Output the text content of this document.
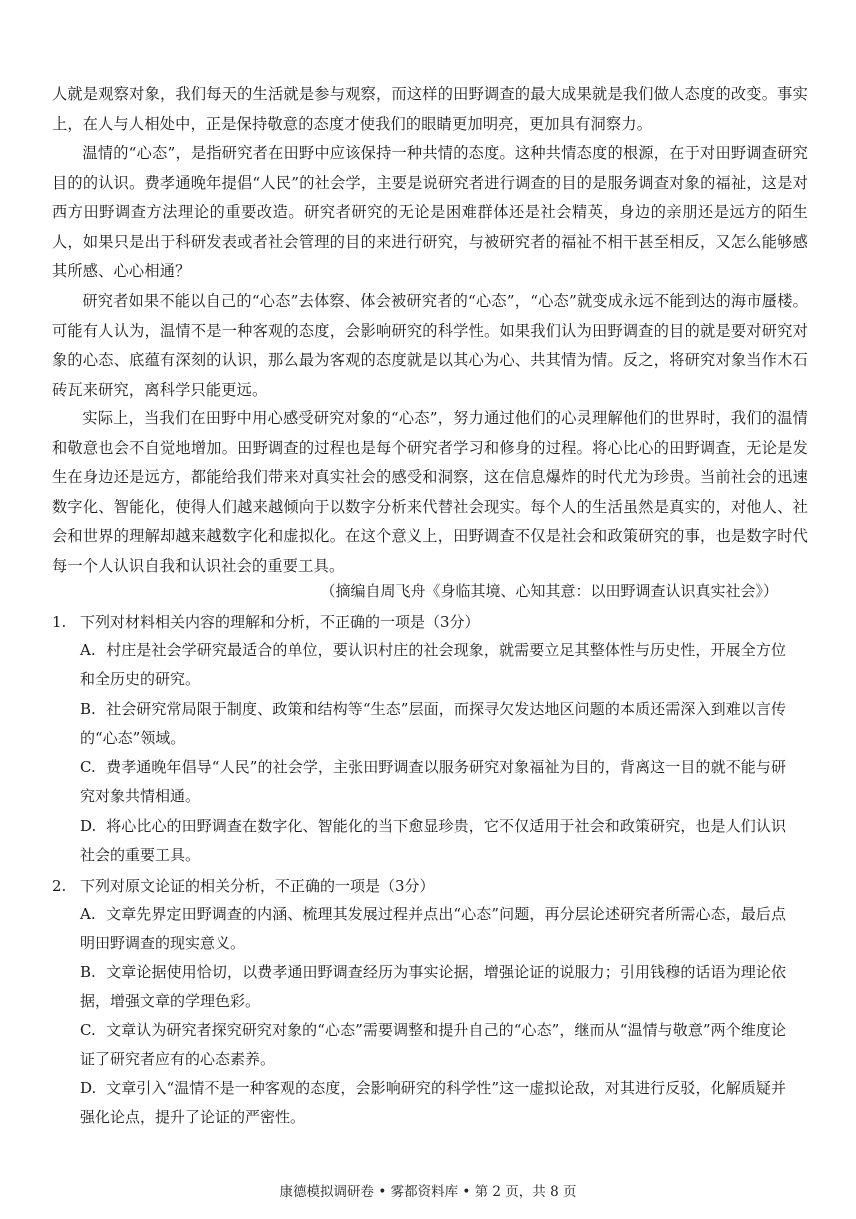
人就是观察对象，我们每天的生活就是参与观察，而这样的田野调查的最大成果就是我们做人态度的改变。事实上，在人与人相处中，正是保持敬意的态度才使我们的眼睛更加明亮，更加具有洞察力。
温情的“心态”，是指研究者在田野中应该保持一种共情的态度。这种共情态度的根源，在于对田野调查研究目的的认识。费孝通晚年提倡“人民”的社会学，主要是说研究者进行调查的目的是服务调查对象的福祉，这是对西方田野调查方法理论的重要改造。研究者研究的无论是困难群体还是社会精英，身边的亲朋还是远方的陌生人，如果只是出于科研发表或者社会管理的目的来进行研究，与被研究者的福祉不相干甚至相反，又怎么能够感其所感、心心相通？
研究者如果不能以自己的“心态”去体察、体会被研究者的“心态”，“心态”就变成永远不能到达的海市蜃楼。可能有人认为，温情不是一种客观的态度，会影响研究的科学性。如果我们认为田野调查的目的就是要对研究对象的心态、底蕴有深刻的认识，那么最为客观的态度就是以其心为心、共其情为情。反之，将研究对象当作木石砖瓦来研究，离科学只能更远。
实际上，当我们在田野中用心感受研究对象的“心态”，努力通过他们的心灵理解他们的世界时，我们的温情和敬意也会不自觉地增加。田野调查的过程也是每个研究者学习和修身的过程。将心比心的田野调查，无论是发生在身边还是远方，都能给我们带来对真实社会的感受和洞察，这在信息爆炸的时代尤为珍贵。当前社会的迅速数字化、智能化，使得人们越来越倾向于以数字分析来代替社会现实。每个人的生活虽然是真实的，对他人、社会和世界的理解却越来越数字化和虚拟化。在这个意义上，田野调查不仅是社会和政策研究的事，也是数字时代每一个人认识自我和认识社会的重要工具。
（摘编自周飞舟《身临其境、心知其意：以田野调查认识真实社会》）
1. 下列对材料相关内容的理解和分析，不正确的一项是（3分）
A. 村庄是社会学研究最适合的单位，要认识村庄的社会现象，就需要立足其整体性与历史性，开展全方位和全历史的研究。
B. 社会研究常局限于制度、政策和结构等“生态”层面，而探寻欠发达地区问题的本质还需深入到难以言传的“心态”领域。
C. 费孝通晚年倡导“人民”的社会学，主张田野调查以服务研究对象福祉为目的，背离这一目的就不能与研究对象共情相通。
D. 将心比心的田野调查在数字化、智能化的当下愈显珍贵，它不仅适用于社会和政策研究，也是人们认识社会的重要工具。
2. 下列对原文论证的相关分析，不正确的一项是（3分）
A. 文章先界定田野调查的内涵、梳理其发展过程并点出“心态”问题，再分层论述研究者所需心态，最后点明田野调查的现实意义。
B. 文章论据使用恰切，以费孝通田野调查经历为事实论据，增强论证的说服力；引用钱穆的话语为理论依据，增强文章的学理色彩。
C. 文章认为研究者探究研究对象的“心态”需要调整和提升自己的“心态”，继而从“温情与敬意”两个维度论证了研究者应有的心态素养。
D. 文章引入“温情不是一种客观的态度，会影响研究的科学性”这一虚拟论敌，对其进行反驳，化解质疑并强化论点，提升了论证的严密性。
康德模拟调研卷 • 雾都资料库 • 第 2 页，共 8 页
